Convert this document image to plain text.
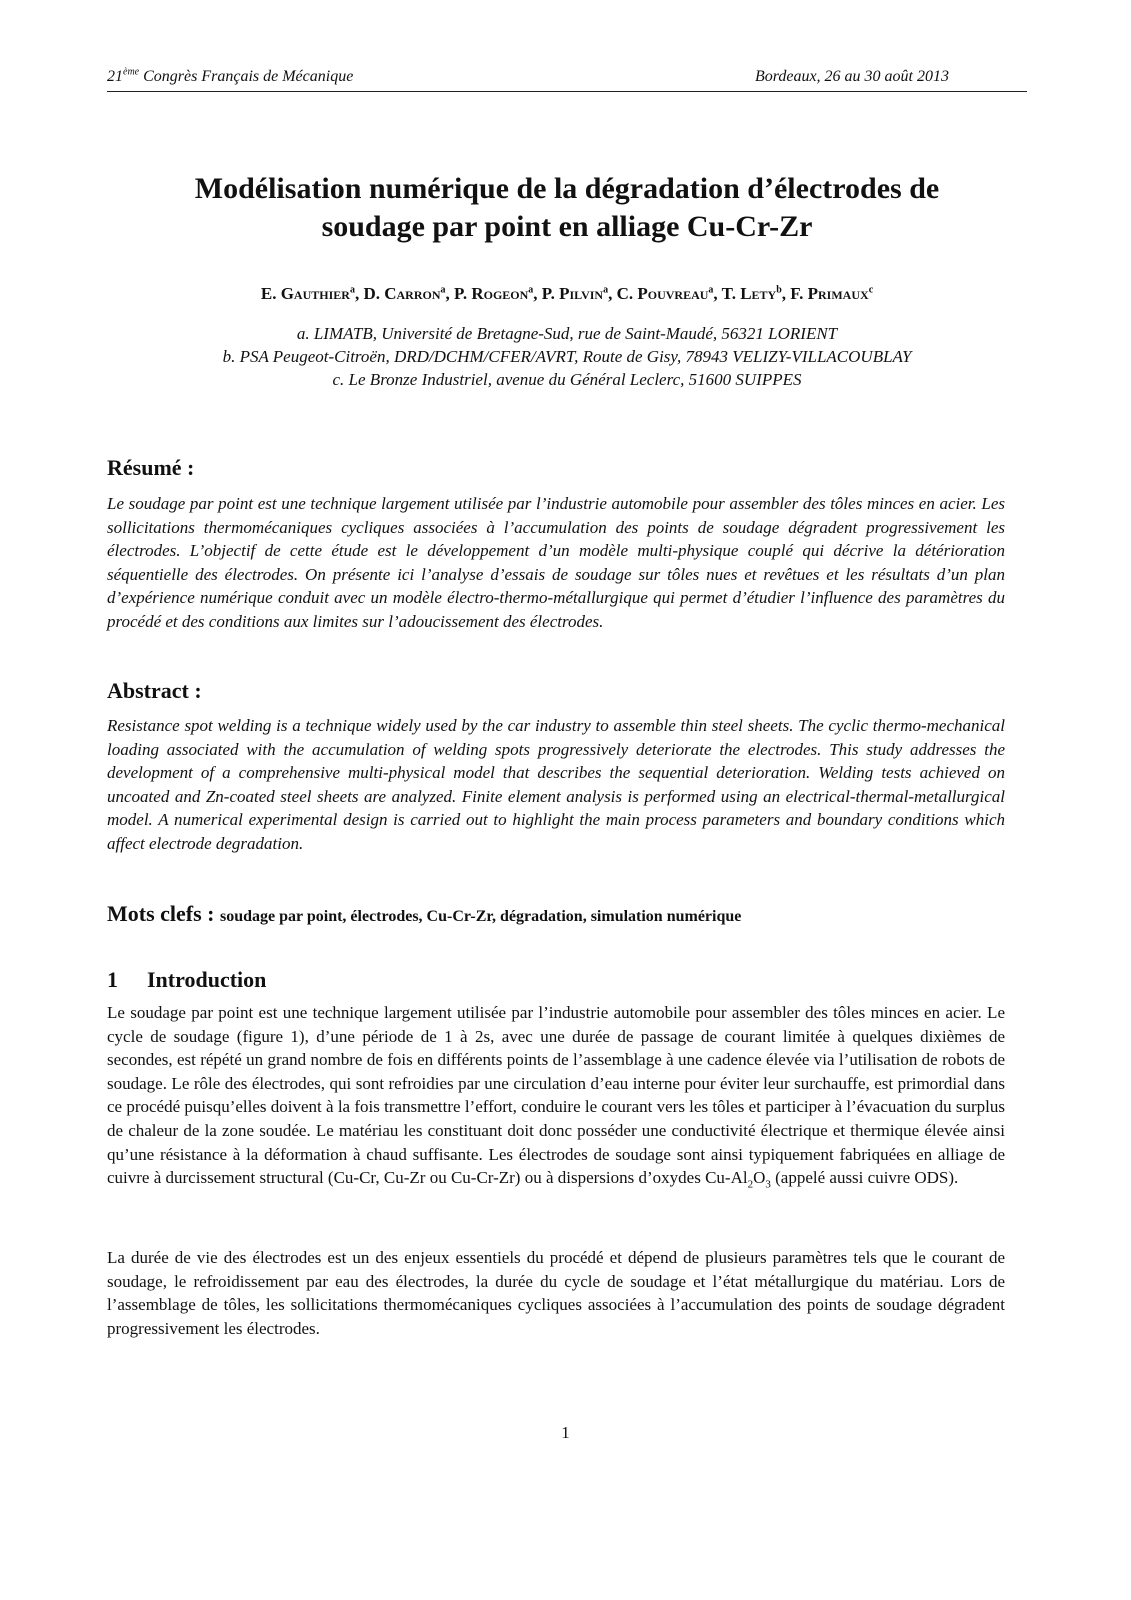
21ème Congrès Français de Mécanique	Bordeaux, 26 au 30 août 2013
Modélisation numérique de la dégradation d’électrodes de
soudage par point en alliage Cu-Cr-Zr
E. Gauthier$^a$, D. Carron$^a$, P. Rogeon$^a$, P. Pilvin$^a$, C. Pouvreau$^a$, T. Lety$^b$, F. Primaux$^c$
a. LIMATB, Université de Bretagne-Sud, rue de Saint-Maudé, 56321 LORIENT
b. PSA Peugeot-Citroën, DRD/DCHM/CFER/AVRT, Route de Gisy, 78943 VELIZY-VILLACOUBLAY
c. Le Bronze Industriel, avenue du Général Leclerc, 51600 SUIPPES
Résumé :

Le soudage par point est une technique largement utilisée par l’industrie automobile pour assembler des tôles minces en acier. Les sollicitations thermomécaniques cycliques associées à l’accumulation des points de soudage dégradent progressivement les électrodes. L’objectif de cette étude est le développement d’un modèle multi-physique couplé qui décrive la détérioration séquentielle des électrodes. On présente ici l’analyse d’essais de soudage sur tôles nues et revêtues et les résultats d’un plan d’expérience numérique conduit avec un modèle électro-thermo-métallurgique qui permet d’étudier l’influence des paramètres du procédé et des conditions aux limites sur l’adoucissement des électrodes.

Abstract :

Resistance spot welding is a technique widely used by the car industry to assemble thin steel sheets. The cyclic thermo-mechanical loading associated with the accumulation of welding spots progressively deteriorate the electrodes. This study addresses the development of a comprehensive multi-physical model that describes the sequential deterioration. Welding tests achieved on uncoated and Zn-coated steel sheets are analyzed. Finite element analysis is performed using an electrical-thermal-metallurgical model. A numerical experimental design is carried out to highlight the main process parameters and boundary conditions which affect electrode degradation.

Mots clefs : soudage par point, électrodes, Cu-Cr-Zr, dégradation, simulation numérique
1 Introduction

Le soudage par point est une technique largement utilisée par l’industrie automobile pour assembler des tôles minces en acier. Le cycle de soudage (figure 1), d’une période de 1 à 2s, avec une durée de passage de courant limitée à quelques dixièmes de secondes, est répété un grand nombre de fois en différents points de l’assemblage à une cadence élevée via l’utilisation de robots de soudage. Le rôle des électrodes, qui sont refroidies par une circulation d’eau interne pour éviter leur surchauffe, est primordial dans ce procédé puisqu’elles doivent à la fois transmettre l’effort, conduire le courant vers les tôles et participer à l’évacuation du surplus de chaleur de la zone soudée. Le matériau les constituant doit donc posséder une conductivité électrique et thermique élevée ainsi qu’une résistance à la déformation à chaud suffisante. Les électrodes de soudage sont ainsi typiquement fabriquées en alliage de cuivre à durcissement structural (Cu-Cr, Cu-Zr ou Cu-Cr-Zr) ou à dispersions d’oxydes $Cu-Al_2O_3$ (appelé aussi cuivre ODS).

La durée de vie des électrodes est un des enjeux essentiels du procédé et dépend de plusieurs paramètres tels que le courant de soudage, le refroidissement par eau des électrodes, la durée du cycle de soudage et l’état métallurgique du matériau. Lors de l’assemblage de tôles, les sollicitations thermomécaniques cycliques associées à l’accumulation des points de soudage dégradent progressivement les électrodes.

1
